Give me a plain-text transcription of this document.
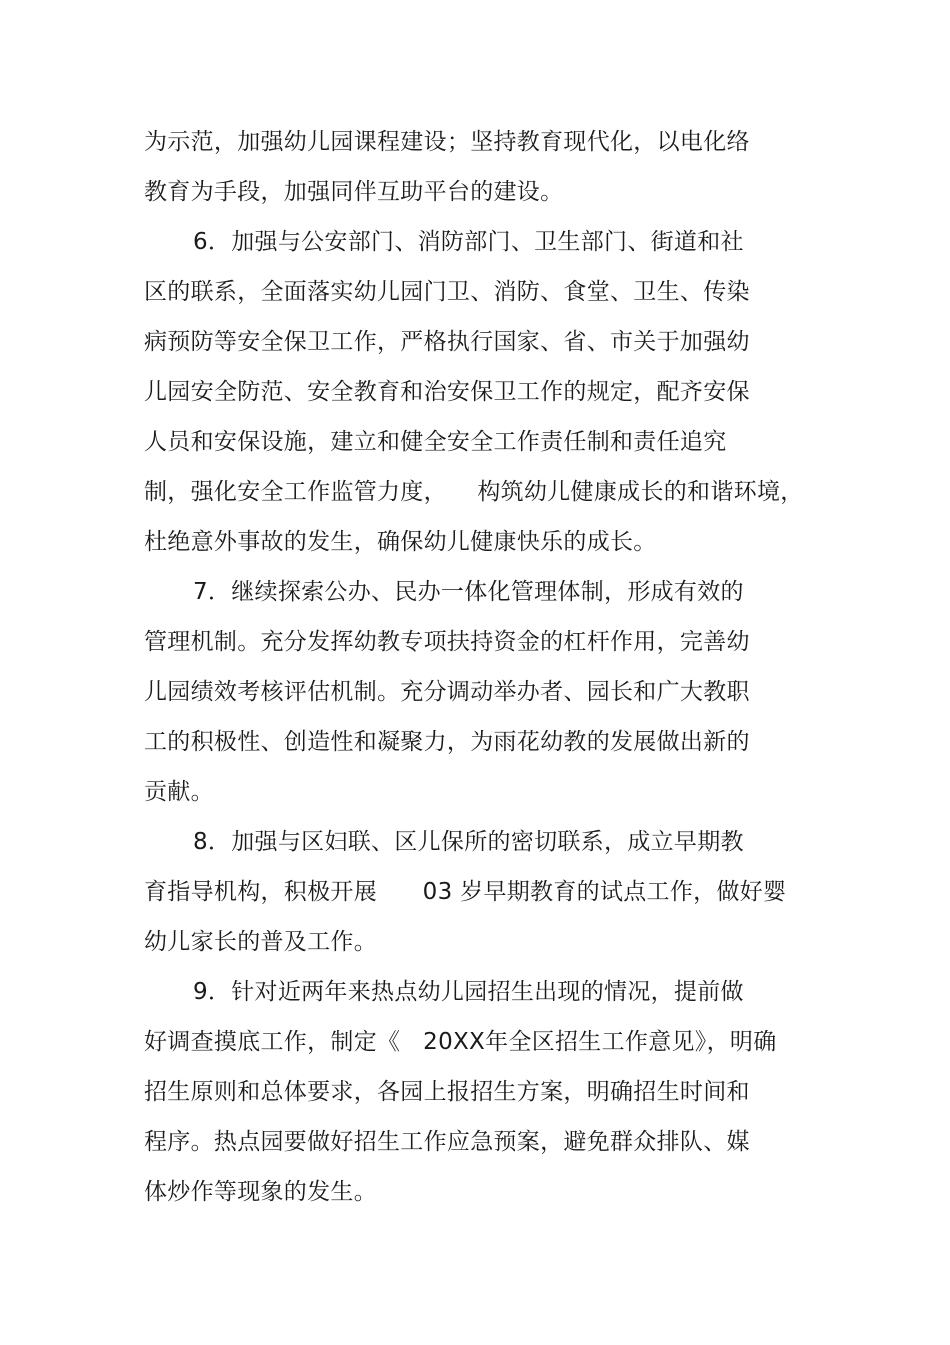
为示范，加强幼儿园课程建设；坚持教育现代化，以电化络
教育为手段，加强同伴互助平台的建设。
6．加强与公安部门、消防部门、卫生部门、街道和社
区的联系，全面落实幼儿园门卫、消防、食堂、卫生、传染
病预防等安全保卫工作，严格执行国家、省、市关于加强幼
儿园安全防范、安全教育和治安保卫工作的规定，配齐安保
人员和安保设施，建立和健全安全工作责任制和责任追究
制，强化安全工作监管力度，    构筑幼儿健康成长的和谐环境，
杜绝意外事故的发生，确保幼儿健康快乐的成长。
7．继续探索公办、民办一体化管理体制，形成有效的
管理机制。充分发挥幼教专项扶持资金的杠杆作用，完善幼
儿园绩效考核评估机制。充分调动举办者、园长和广大教职
工的积极性、创造性和凝聚力，为雨花幼教的发展做出新的
贡献。
8．加强与区妇联、区儿保所的密切联系，成立早期教
育指导机构，积极开展      03 岁早期教育的试点工作，做好婴
幼儿家长的普及工作。
9．针对近两年来热点幼儿园招生出现的情况，提前做
好调查摸底工作，制定《   20XX年全区招生工作意见》，明确
招生原则和总体要求，各园上报招生方案，明确招生时间和
程序。热点园要做好招生工作应急预案，避免群众排队、媒
体炒作等现象的发生。
